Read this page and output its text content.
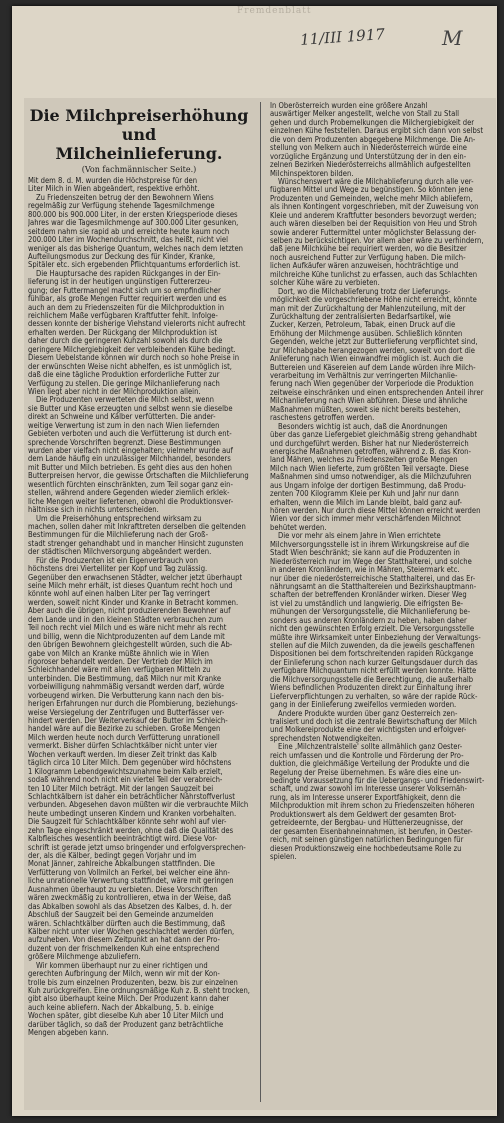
Fremdenblatt
11/III 1917	M
Die Milchpreiserhöhung und
Milcheinlieferung.
(Von fachmännischer Seite.)
Mit dem 8. d. M. wurden die Höchstpreise für den
Liter Milch in Wien abgeändert, respektive erhöht.
Zu Friedenszeiten betrug der den Bewohnern Wiens
regelmäßig zur Verfügung stehende Tagesmilchmenge
800.000 bis 900.000 Liter, in der ersten Kriegsperiode dieses
Jahres war die Tagesmilchmenge auf 300.000 Liter gesunken,
seitdem nahm sie rapid ab und erreichte heute kaum noch
200.000 Liter im Wochendurchschnitt, das heißt, nicht viel
weniger als das bisherige Quantum, welches nach dem letzten
Aufteilungsmodus zur Deckung des für Kinder, Kranke,
Spitäler etc. sich ergebenden Pflichtquantums erforderlich ist.
Die Hauptursache des rapiden Rückganges in der Ein-
lieferung ist in der heutigen ungünstigen Futtererzeu-
gung; der Futtermangel macht sich um so empfindlicher
fühlbar, als große Mengen Futter requiriert werden und es
auch an dem zu Friedenszeiten für die Milchproduktion in
reichlichem Maße verfügbaren Kraftfutter fehlt. Infolge-
dessen konnte der bisherige Viehstand vielerorts nicht aufrecht
erhalten werden. Der Rückgang der Milchproduktion ist
daher durch die geringeren Kuhzahl sowohl als durch die
geringere Milchergiebigkeit der verbleibenden Kühe bedingt.
Diesem Uebelstande können wir durch noch so hohe Preise in
der erwünschten Weise nicht abhelfen, es ist unmöglich ist,
daß die eine tägliche Produktion erforderliche Futter zur
Verfügung zu stellen. Die geringe Milchanlieferung nach
Wien liegt aber nicht in der Milchproduktion allein.
Die Produzenten verwerteten die Milch selbst, wenn
sie Butter und Käse erzeugten und selbst wenn sie dieselbe
direkt an Schweine und Kälber verfütterten. Die ander-
weitige Verwertung ist zum in den nach Wien liefernden
Gebieten verboten und auch die Verfütterung ist durch ent-
sprechende Vorschriften begrenzt. Diese Bestimmungen
wurden aber vielfach nicht eingehalten; vielmehr wurde auf
dem Lande häufig ein unzulässiger Milchhandel, besonders
mit Butter und Milch betrieben. Es geht dies aus den hohen
Butterpreisen hervor, die gewisse Ortschaften die Milchlieferung
wesentlich fürchten einschränkten, zum Teil sogar ganz ein-
stellen, während andere Gegenden wieder ziemlich erklek-
liche Mengen weiter liefertenen, obwohl die Produktionsver-
hältnisse sich in nichts unterscheiden.
Um die Preiserhöhung entsprechend wirksam zu
machen, sollen daher mit Inkrafttreten derselben die geltenden
Bestimmungen für die Milchlieferung nach der Groß-
stadt strenger gehandhabt und in mancher Hinsicht zugunsten
der städtischen Milchversorgung abgeändert werden.
Für die Produzenten ist ein Eigenverbrauch von
höchstens drei Viertelliter per Kopf und Tag zulässig.
Gegenüber den erwachsenen Städter, welcher jetzt überhaupt
seine Milch mehr erhält, ist dieses Quantum recht hoch und
könnte wohl auf einen halben Liter per Tag verringert
werden, soweit nicht Kinder und Kranke in Betracht kommen.
Aber auch die übrigen, nicht produzierenden Bewohner auf
dem Lande und in den kleinen Städten verbrauchen zum
Teil noch recht viel Milch und es wäre nicht mehr als recht
und billig, wenn die Nichtproduzenten auf dem Lande mit
den übrigen Bewohnern gleichgestellt würden, such die Ab-
gabe von Milch an Kranke müßte ähnlich wie in Wien
rigoroser behandelt werden. Der Vertrieb der Milch im
Schleichhandel wäre mit allen verfügbaren Mitteln zu
unterbinden. Die Bestimmung, daß Milch nur mit Kranke
vorbeiwilligung nahmmäßig versandt werden darf, würde
vorbeugend wirken. Die Verbutterung kann nach den bis-
herigen Erfahrungen nur durch die Plombierung, beziehungs-
weise Versiegelung der Zentrifugen und Butterfässer ver-
hindert werden. Der Weiterverkauf der Butter im Schleich-
handel wäre auf die Bezirke zu schieben. Große Mengen
Milch werden heute noch durch Verfütterung unrationell
vermerkt. Bisher dürfen Schlachtkälber nicht unter vier
Wochen verkauft werden. Im dieser Zeit trinkt das Kalb
täglich circa 10 Liter Milch. Dem gegenüber wird höchstens
1 Kilogramm Lebendgewichtszunahme beim Kalb erzielt,
sodaß während noch nicht ein viertel Teil der verabreich-
ten 10 Liter Milch beträgt. Mit der langen Saugzeit bei
Schlachtkälbern ist daher ein beträchtlicher Nährstoffverlust
verbunden. Abgesehen davon müßten wir die verbrauchte Milch
heute umbedingt unseren Kindern und Kranken vorbehalten.
Die Saugzeit für Schlachtkälber könnte sehr wohl auf vier-
zehn Tage eingeschränkt werden, ohne daß die Qualität des
Kalbfleisches wesentlich beeinträchtigt wird. Diese Vor-
schrift ist gerade jetzt umso bringender und erfolgversprechen-
der, als die Kälber, bedingt gegen Vorjahr und im
Monat Jänner, zahlreiche Abkalbungen stattfinden. Die
Verfütterung von Vollmilch an Ferkel, bei welcher eine ähn-
liche unrationelle Verwertung stattfindet, wäre mit geringen
Ausnahmen überhaupt zu verbieten. Diese Vorschriften
wären zweckmäßig zu kontrollieren, etwa in der Weise, daß
das Abkalben sowohl als das Absetzen des Kalbes, d. h. der
Abschluß der Saugzeit bei den Gemeinde anzumelden
wären. Schlachtkälber dürften auch die Bestimmung, daß
Kälber nicht unter vier Wochen geschlachtet werden dürfen,
aufzuheben. Von diesem Zeitpunkt an hat dann der Pro-
duzent von der frischmelkenden Kuh eine entsprechend
größere Milchmenge abzuliefern.
Wir kommen überhaupt nur zu einer richtigen und
gerechten Aufbringung der Milch, wenn wir mit der Kon-
trolle bis zum einzelnen Produzenten, bezw. bis zur einzelnen
Kuh zurückgreifen. Eine ordnungsmäßige Kuh z. B. steht trocken,
gibt also überhaupt keine Milch. Der Produzent kann daher
auch keine abliefern. Nach der Abkalbung, 5. b. einige
Wochen später, gibt dieselbe Kuh aber 10 Liter Milch und
darüber täglich, so daß der Produzent ganz beträchtliche
Mengen abgeben kann.
In Oberösterreich wurden eine größere Anzahl
auswärtiger Melker angestellt, welche von Stall zu Stall
gehen und durch Probemelkungen die Milchergiebigkeit der
einzelnen Kühe feststellen. Daraus ergibt sich dann von selbst
die von dem Produzenten abgegebene Milchmenge. Die An-
stellung von Melkern auch in Niederösterreich würde eine
vorzügliche Ergänzung und Unterstützung der in den ein-
zelnen Bezirken Niederösterreichs allmählich aufgestellten
Milchinspektoren bilden.
Wünschenswert wäre die Milchablieferung durch alle ver-
fügbaren Mittel und Wege zu begünstigen. So könnten jene
Produzenten und Gemeinden, welche mehr Milch abliefern,
als ihnen Kontingent vorgeschrieben, mit der Zuweisung von
Kleie und anderem Kraftfutter besonders bevorzugt werden;
auch wären dieselben bei der Requisition von Heu und Stroh
sowie anderer Futtermittel unter möglichster Belassung der-
selben zu berücksichtigen. Vor allem aber wäre zu verhindern,
daß jene Milchkühe bei requiriert werden, wo die Besitzer
noch ausreichend Futter zur Verfügung haben. Die milch-
lichen Aufkäufer wären anzuweisen, hochträchtige und
milchreiche Kühe tunlichst zu erfassen, auch das Schlachten
solcher Kühe wäre zu verbieten.
Dort, wo die Milchablieferung trotz der Lieferungs-
möglichkeit die vorgeschriebene Höhe nicht erreicht, könnte
man mit der Zurückhaltung der Mahlenzuteilung, mit der
Zurückhaltung der zentralisierten Bedarfsartikel, wie
Zucker, Kerzen, Petroleum, Tabak, einen Druck auf die
Erhöhung der Milchmenge ausüben. Schließlich könnten
Gegenden, welche jetzt zur Butterlieferung verpflichtet sind,
zur Milchabgabe herangezogen werden, soweit von dort die
Anlieferung nach Wien einwandfrei möglich ist. Auch die
Buttereien und Käsereien auf dem Lande würden ihre Milch-
verarbeitung im Verhältnis zur verringerten Milchanlie-
ferung nach Wien gegenüber der Vorperiode die Produktion
zeitweise einschränken und einen entsprechenden Anteil ihrer
Milchanlieferung nach Wien abführen. Diese und ähnliche
Maßnahmen müßten, soweit sie nicht bereits bestehen,
raschestens getroffen werden.
Besonders wichtig ist auch, daß die Anordnungen
über das ganze Liefergebiet gleichmäßig streng gehandhabt
und durchgeführt werden. Bisher hat nur Niederösterreich
energische Maßnahmen getroffen, während z. B. das Kron-
land Mähren, welches zu Friedenszeiten große Mengen
Milch nach Wien lieferte, zum größten Teil versagte. Diese
Maßnahmen sind umso notwendiger, als die Milchzufuhren
aus Ungarn infolge der dortigen Bestimmung, daß Produ-
zenten 700 Kilogramm Kleie per Kuh und Jahr nur dann
erhalten, wenn die Milch im Lande bleibt, bald ganz auf-
hören werden. Nur durch diese Mittel können erreicht werden
Wien vor der sich immer mehr verschärfenden Milchnot
behütet werden.
Die vor mehr als einem Jahre in Wien errichtete
Milchversorgungsstelle ist in ihrem Wirkungskreise auf die
Stadt Wien beschränkt; sie kann auf die Produzenten in
Niederösterreich nur im Wege der Statthalterei, und solche
in anderen Kronländern, wie in Mähren, Steiermark etc.
nur über die niederösterreichische Statthalterei, und das Er-
nährungsamt an die Statthaltereien und Bezirkshauptmann-
schaften der betreffenden Kronländer wirken. Dieser Weg
ist viel zu umständlich und langwierig. Die eifrigsten Be-
mühungen der Versorgungsstelle, die Milchanlieferung be-
sonders aus anderen Kronländern zu heben, haben daher
nicht den gewünschten Erfolg erzielt. Die Versorgungsstelle
müßte ihre Wirksamkeit unter Einbeziehung der Verwaltungs-
stellen auf die Milch zuwenden, da die jeweils geschaffenen
Dispositionen bei dem fortschreitenden rapiden Rückgange
der Einlieferung schon nach kurzer Geltungsdauer durch das
verfügbare Milchquantum nicht erfüllt werden konnte. Hätte
die Milchversorgungsstelle die Berechtigung, die außerhalb
Wiens befindlichen Produzenten direkt zur Einhaltung ihrer
Lieferverpflichtungen zu verhalten, so wäre der rapide Rück-
gang in der Einlieferung zweifellos vermieden worden.
Andere Produkte wurden über ganz Oesterreich zen-
tralisiert und doch ist die zentrale Bewirtschaftung der Milch
und Molkereiprodukte eine der wichtigsten und erfolgver-
sprechendsten Notwendigkeiten.
Eine ‚Milchzentralstelle' sollte allmählich ganz Oester-
reich umfassen und die Kontrolle und Förderung der Pro-
duktion, die gleichmäßige Verteilung der Produkte und die
Regelung der Preise übernehmen. Es wäre dies eine un-
bedingte Voraussetzung für die Uebergangs- und Friedenswirt-
schaft, und zwar sowohl im Interesse unserer Volksernäh-
rung, als im Interesse unserer Exportfähigkeit, denn die
Milchproduktion mit ihrem schon zu Friedenszeiten höheren
Produktionswert als dem Geldwert der gesamten Brot-
getreideernte, der Bergbau- und Hüttenerzeugnisse, der
der gesamten Eisenbahneinnahmen, ist berufen, in Oester-
reich, mit seinen günstigen natürlichen Bedingungen für
diesen Produktionszweig eine hochbedeutsame Rolle zu
spielen.
